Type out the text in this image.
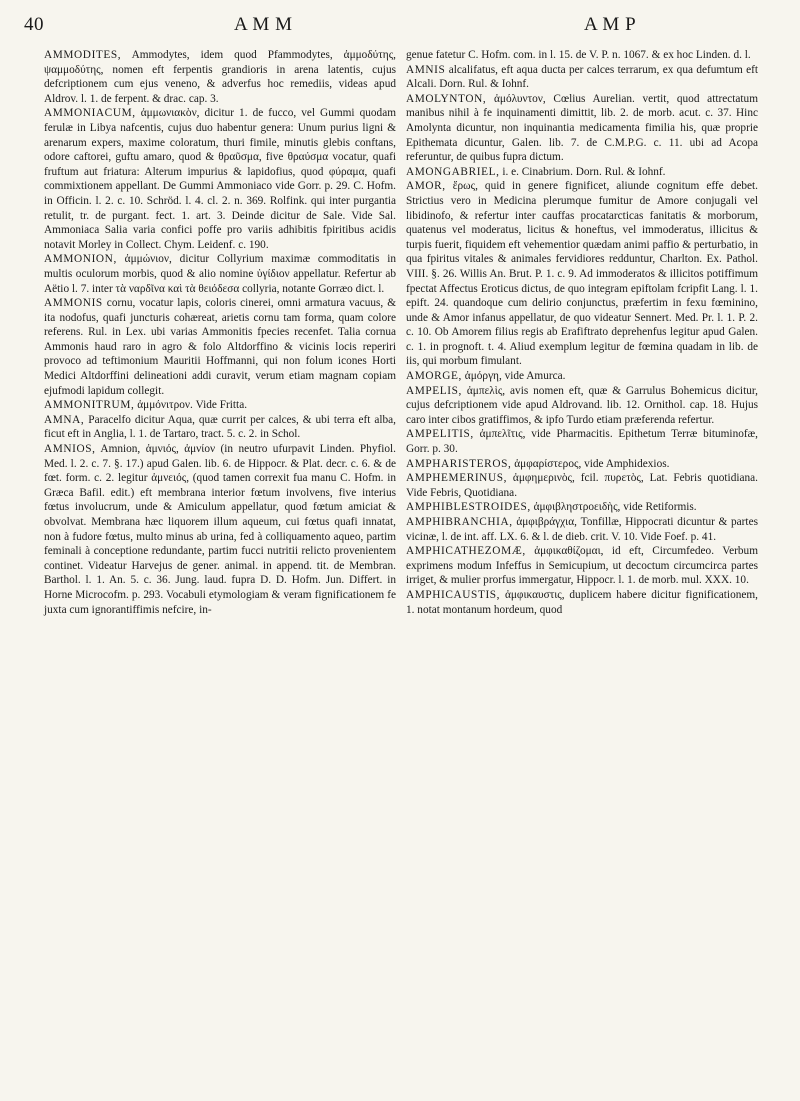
40	A M M	A M P

AMMODITES, Ammodytes, idem quod Pfammodytes, ἀμμοδύτης, ψαμμοδύτης, nomen eft ferpentis grandioris in arena latentis, cujus defcriptionem cum ejus veneno, & adverfus hoc remediis, videas apud Aldrov. l. 1. de ferpent. & drac. cap. 3.

AMMONIACUM, ἀμμωνιακὸν, dicitur 1. de fucco, vel Gummi quodam ferulæ in Libya nafcentis, cujus duo habentur genera: Unum purius ligni & arenarum expers, maxime coloratum, thuri fimile, minutis glebis conftans, odore caftorei, guftu amaro, quod & θραῦσμα, five θραύσμα vocatur, quafi fruftum aut friatura: Alterum impurius & lapidofius, quod φύραμα, quafi commixtionem appellant. De Gummi Ammoniaco vide Gorr. p. 29. C. Hofm. in Officin. l. 2. c. 10. Schröd. l. 4. cl. 2. n. 369. Rolfink. qui inter purgantia retulit, tr. de purgant. fect. 1. art. 3. Deinde dicitur de Sale. Vide Sal. Ammoniaca Salia varia confici poffe pro variis adhibitis fpiritibus acidis notavit Morley in Collect. Chym. Leidenf. c. 190.

AMMONION, ἀμμώνιον, dicitur Collyrium maximæ commoditatis in multis oculorum morbis, quod & alio nomine ὑγίδιον appellatur. Refertur ab Aëtio l. 7. inter τὰ ναρδῖνα καὶ τὰ θειόδεσα collyria, notante Gorræo dict. l.

AMMONIS cornu, vocatur lapis, coloris cinerei, omni armatura vacuus, & ita nodofus, quafi juncturis cohæreat, arietis cornu tam forma, quam colore referens. Rul. in Lex. ubi varias Ammonitis fpecies recenfet. Talia cornua Ammonis haud raro in agro & folo Altdorffino & vicinis locis reperiri provoco ad teftimonium Mauritii Hoffmanni, qui non folum icones Horti Medici Altdorffini delineationi addi curavit, verum etiam magnam copiam ejufmodi lapidum collegit.

AMMONITRUM, ἀμμόνιτρον. Vide Fritta.

AMNA, Paracelfo dicitur Aqua, quæ currit per calces, & ubi terra eft alba, ficut eft in Anglia, l. 1. de Tartaro, tract. 5. c. 2. in Schol.

AMNIOS, Amnion, ἀμνιός, ἀμνίον (in neutro ufurpavit Linden. Phyfiol. Med. l. 2. c. 7. §. 17.) apud Galen. lib. 6. de Hippocr. & Plat. decr. c. 6. & de fœt. form. c. 2. legitur ἀμνειός, (quod tamen correxit fua manu C. Hofm. in Græca Bafil. edit.) eft membrana interior fœtum involvens, five interius fœtus involucrum, unde & Amiculum appellatur, quod fœtum amiciat & obvolvat. Membrana hæc liquorem illum aqueum, cui fœtus quafi innatat, non à fudore fœtus, multo minus ab urina, fed à colliquamento aqueo, partim feminali à conceptione redundante, partim fucci nutritii relicto provenientem continet. Videatur Harvejus de gener. animal. in append. tit. de Membran. Barthol. l. 1. An. 5. c. 36. Jung. laud. fupra D. D. Hofm. Jun. Differt. in Horne Microcofm. p. 293. Vocabuli etymologiam & veram fignificationem fe juxta cum ignorantiffimis nefcire, in-

genue fatetur C. Hofm. com. in l. 15. de V. P. n. 1067. & ex hoc Linden. d. l.

AMNIS alcalifatus, eft aqua ducta per calces terrarum, ex qua defumtum eft Alcali. Dorn. Rul. & Iohnf.

AMOLYNTON, ἀμόλυντον, Cœlius Aurelian. vertit, quod attrectatum manibus nihil à fe inquinamenti dimittit, lib. 2. de morb. acut. c. 37. Hinc Amolynta dicuntur, non inquinantia medicamenta fimilia his, quæ proprie Epithemata dicuntur, Galen. lib. 7. de C.M.P.G. c. 11. ubi ad Acopa referuntur, de quibus fupra dictum.

AMONGABRIEL, i. e. Cinabrium. Dorn. Rul. & Iohnf.

AMOR, ἔρως, quid in genere fignificet, aliunde cognitum effe debet. Strictius vero in Medicina plerumque fumitur de Amore conjugali vel libidinofo, & refertur inter cauffas procatarcticas fanitatis & morborum, quatenus vel moderatus, licitus & honeftus, vel immoderatus, illicitus & turpis fuerit, fiquidem eft vehementior quædam animi paffio & perturbatio, in qua fpiritus vitales & animales fervidiores redduntur, Charlton. Ex. Pathol. VIII. §. 26. Willis An. Brut. P. 1. c. 9. Ad immoderatos & illicitos potiffimum fpectat Affectus Eroticus dictus, de quo integram epiftolam fcripfit Lang. l. 1. epift. 24. quandoque cum delirio conjunctus, præfertim in fexu fœminino, unde & Amor infanus appellatur, de quo videatur Sennert. Med. Pr. l. 1. P. 2. c. 10. Ob Amorem filius regis ab Erafiftrato deprehenfus legitur apud Galen. c. 1. in prognoft. t. 4. Aliud exemplum legitur de fœmina quadam in lib. de iis, qui morbum fimulant.

AMORGE, ἀμόργη, vide Amurca.

AMPELIS, ἀμπελὶς, avis nomen eft, quæ & Garrulus Bohemicus dicitur, cujus defcriptionem vide apud Aldrovand. lib. 12. Ornithol. cap. 18. Hujus caro inter cibos gratiffimos, & ipfo Turdo etiam præferenda refertur.

AMPELITIS, ἀμπελῖτις, vide Pharmacitis. Epithetum Terræ bituminofæ, Gorr. p. 30.

AMPHARISTEROS, ἀμφαρίστερος, vide Amphidexios.

AMPHEMERINUS, ἀμφημερινὸς, fcil. πυρετὸς, Lat. Febris quotidiana. Vide Febris, Quotidiana.

AMPHIBLESTROIDES, ἀμφιβληστροειδὴς, vide Retiformis.

AMPHIBRANCHIA, ἀμφιβράγχια, Tonfillæ, Hippocrati dicuntur & partes vicinæ, l. de int. aff. LX. 6. & l. de dieb. crit. V. 10. Vide Foef. p. 41.

AMPHICATHEZOMÆ, ἀμφικαθίζομαι, id eft, Circumfedeo. Verbum exprimens modum Infeffus in Semicupium, ut decoctum circumcirca partes irriget, & mulier prorfus immergatur, Hippocr. l. 1. de morb. mul. XXX. 10.

AMPHICAUSTIS, ἀμφικαυστις, duplicem habere dicitur fignificationem, 1. notat montanum hordeum, quod
